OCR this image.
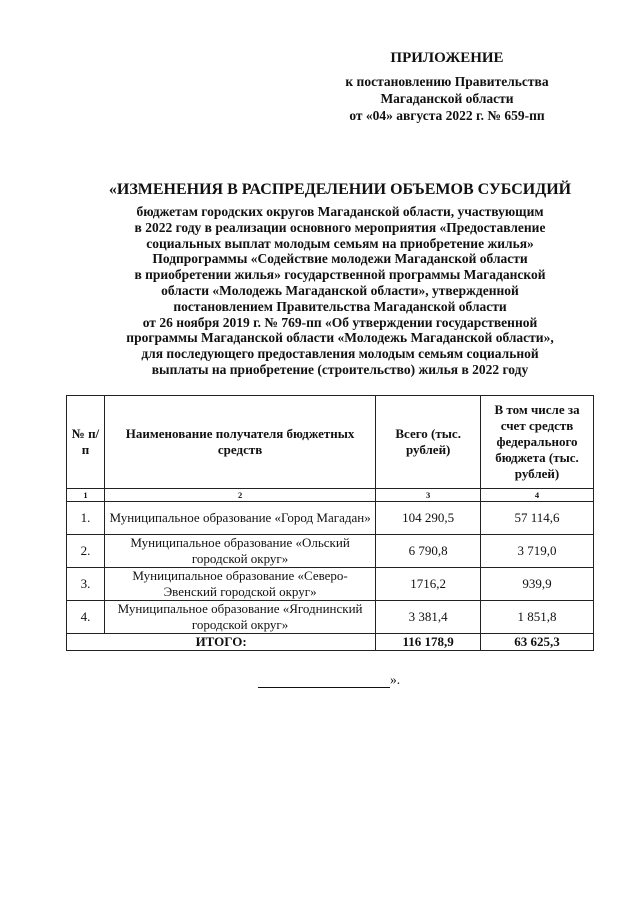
ПРИЛОЖЕНИЕ
к постановлению Правительства
Магаданской области
от «04» августа 2022 г. № 659-пп
«ИЗМЕНЕНИЯ В РАСПРЕДЕЛЕНИИ ОБЪЕМОВ СУБСИДИЙ
бюджетам городских округов Магаданской области, участвующим
в 2022 году в реализации основного мероприятия «Предоставление
социальных выплат молодым семьям на приобретение жилья»
Подпрограммы «Содействие молодежи Магаданской области
в приобретении жилья» государственной программы Магаданской
области «Молодежь Магаданской области», утвержденной
постановлением Правительства Магаданской области
от 26 ноября 2019 г. № 769-пп «Об утверждении государственной
программы Магаданской области «Молодежь Магаданской области»,
для последующего предоставления молодым семьям социальной
выплаты на приобретение (строительство) жилья в 2022 году
№ п/п	Наименование получателя бюджетных средств	Всего (тыс. рублей)	В том числе за счет средств федерального бюджета (тыс. рублей)
1	2	3	4
1.	Муниципальное образование «Город Магадан»	104 290,5	57 114,6
2.	Муниципальное образование «Ольский городской округ»	6 790,8	3 719,0
3.	Муниципальное образование «Северо-Эвенский городской округ»	1716,2	939,9
4.	Муниципальное образование «Ягоднинский городской округ»	3 381,4	1 851,8
ИТОГО:		116 178,9	63 625,3
».
